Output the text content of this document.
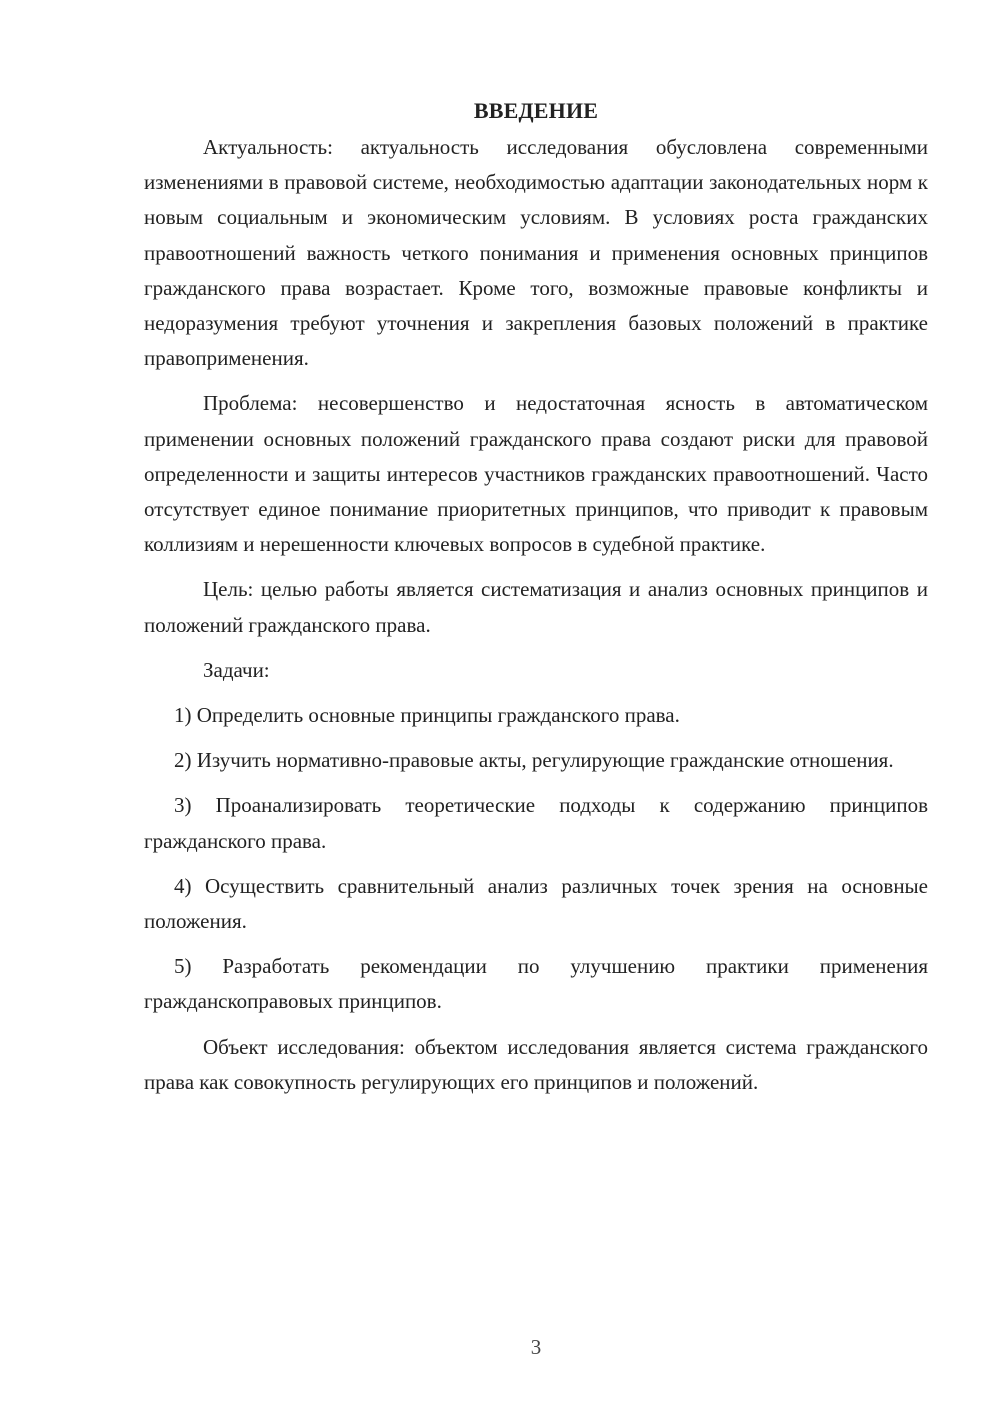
ВВЕДЕНИЕ

Актуальность: актуальность исследования обусловлена современными изменениями в правовой системе, необходимостью адаптации законодательных норм к новым социальным и экономическим условиям. В условиях роста гражданских правоотношений важность четкого понимания и применения основных принципов гражданского права возрастает. Кроме того, возможные правовые конфликты и недоразумения требуют уточнения и закрепления базовых положений в практике правоприменения.

Проблема: несовершенство и недостаточная ясность в автоматическом применении основных положений гражданского права создают риски для правовой определенности и защиты интересов участников гражданских правоотношений. Часто отсутствует единое понимание приоритетных принципов, что приводит к правовым коллизиям и нерешенности ключевых вопросов в судебной практике.

Цель: целью работы является систематизация и анализ основных принципов и положений гражданского права.

Задачи:

1) Определить основные принципы гражданского права.

2) Изучить нормативно-правовые акты, регулирующие гражданские отношения.

3) Проанализировать теоретические подходы к содержанию принципов гражданского права.

4) Осуществить сравнительный анализ различных точек зрения на основные положения.

5) Разработать рекомендации по улучшению практики применения гражданскоправовых принципов.

Объект исследования: объектом исследования является система гражданского права как совокупность регулирующих его принципов и положений.

3
